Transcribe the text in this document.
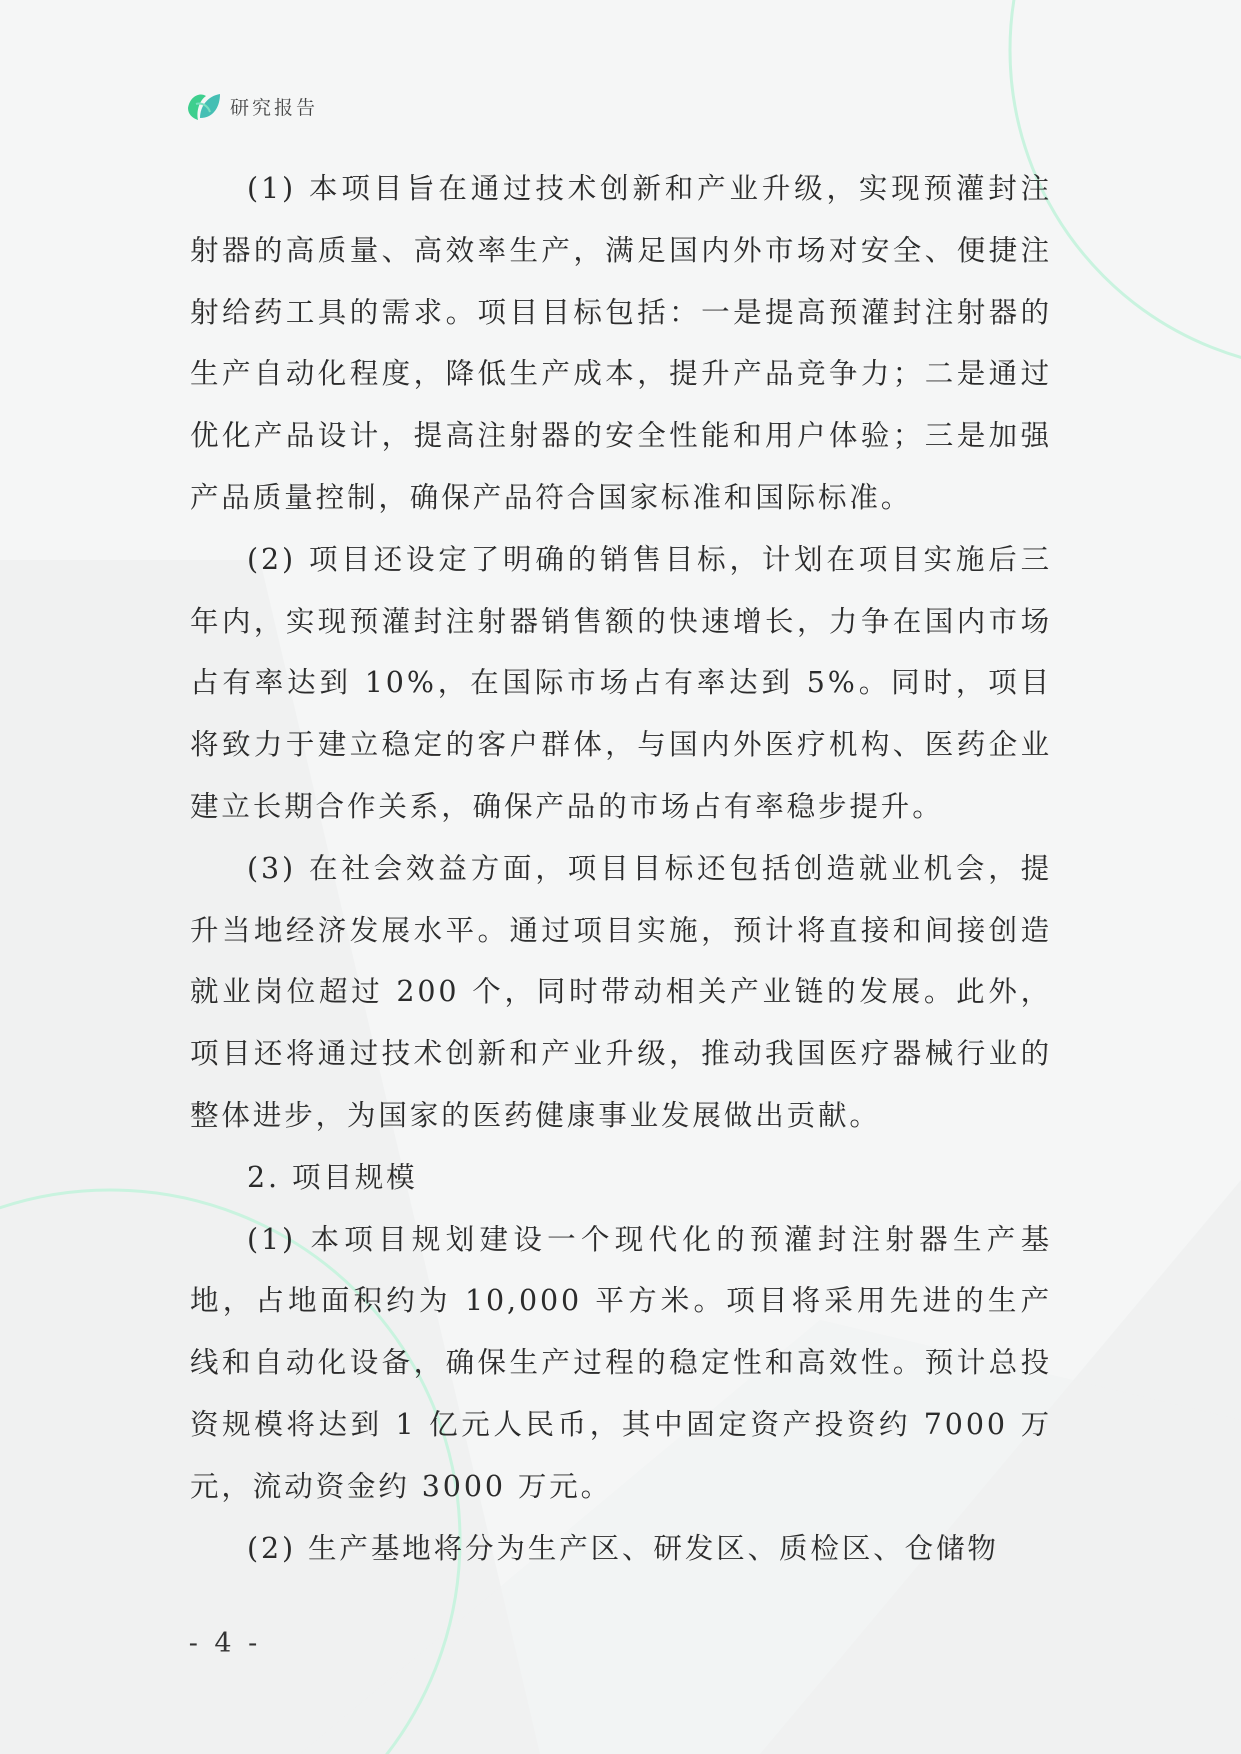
研究报告

(1) 本项目旨在通过技术创新和产业升级，实现预灌封注射器的高质量、高效率生产，满足国内外市场对安全、便捷注射给药工具的需求。项目目标包括：一是提高预灌封注射器的生产自动化程度，降低生产成本，提升产品竞争力；二是通过优化产品设计，提高注射器的安全性能和用户体验；三是加强产品质量控制，确保产品符合国家标准和国际标准。

(2) 项目还设定了明确的销售目标，计划在项目实施后三年内，实现预灌封注射器销售额的快速增长，力争在国内市场占有率达到 10%，在国际市场占有率达到 5%。同时，项目将致力于建立稳定的客户群体，与国内外医疗机构、医药企业建立长期合作关系，确保产品的市场占有率稳步提升。

(3) 在社会效益方面，项目目标还包括创造就业机会，提升当地经济发展水平。通过项目实施，预计将直接和间接创造就业岗位超过 200 个，同时带动相关产业链的发展。此外，项目还将通过技术创新和产业升级，推动我国医疗器械行业的整体进步，为国家的医药健康事业发展做出贡献。

2. 项目规模

(1) 本项目规划建设一个现代化的预灌封注射器生产基地，占地面积约为 10,000 平方米。项目将采用先进的生产线和自动化设备，确保生产过程的稳定性和高效性。预计总投资规模将达到 1 亿元人民币，其中固定资产投资约 7000 万元，流动资金约 3000 万元。

(2) 生产基地将分为生产区、研发区、质检区、仓储物

- 4 -
